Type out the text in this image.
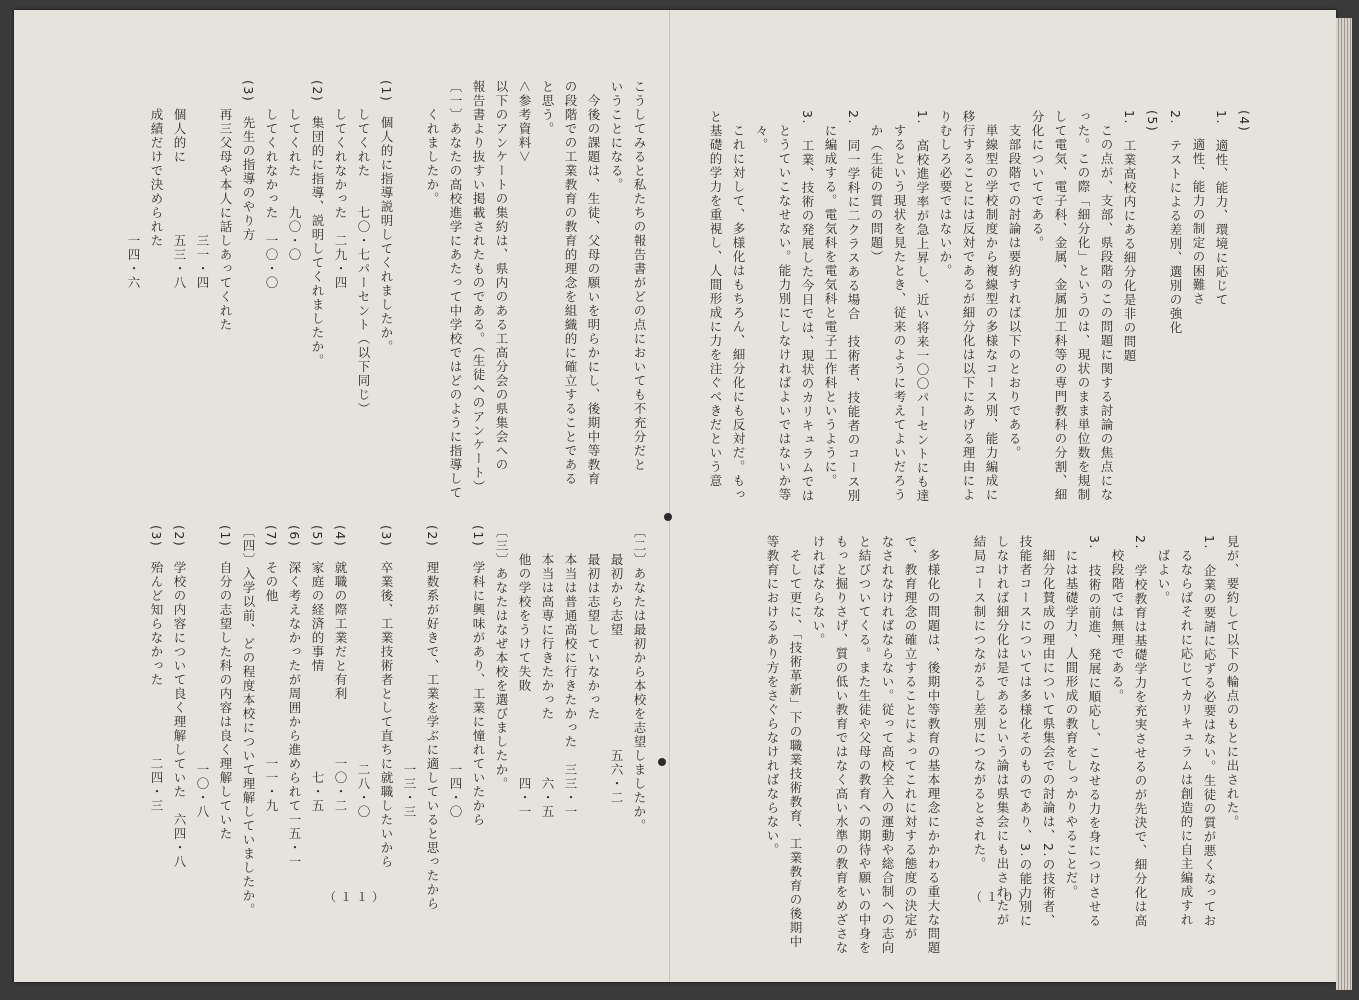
こうしてみると私たちの報告書がどの点においても不充分だと
いうことになる。
　今後の課題は、生徒、父母の願いを明らかにし、後期中等教育
の段階での工業教育の教育的理念を組織的に確立することである
と思う。
＜参考資料＞
以下のアンケートの集約は、県内のある工高分会の県集会への
報告書より抜すい掲載されたものである。（生徒へのアンケート）
〔一〕あなたの高校進学にあたって中学校ではどのように指導して
　　くれましたか。

(1)　個人的に指導説明してくれましたか。
　　してくれた　　七〇・七パーセント（以下同じ）
　　してくれなかった　二九・四
(2)　集団的に指導、説明してくれましたか。
　　してくれた　　九〇・〇
　　してくれなかった　一〇・〇
(3)　先生の指導のやり方
　　再三父母や本人に話しあってくれた
　　　　　　　　　　　三一・四
　　個人的に　　　　　五三・八
　　成績だけで決められた
　　　　　　　　　　　一四・六
〔二〕あなたは最初から本校を志望しましたか。
　　最初から志望　　　　　　　　五六・二
　　最初は志望していなかった
　　本当は普通高校に行きたかった　三三・一
　　本当は高専に行きたかった　　　　六・五
　　他の学校をうけて失敗　　　　　　四・一
〔三〕あなたはなぜ本校を選びましたか。
(1)　学科に興味があり、工業に憧れていたから
　　　　　　　　　　　　　　　　　一四・〇
(2)　理数系が好きで、工業を学ぶに適していると思ったから
　　　　　　　　　　　　　　　　　一三・三
(3)　卒業後、工業技術者として直ちに就職したいから
　　　　　　　　　　　　　　　　　二八・〇
(4)　就職の際工業だと有利　　　　一〇・二
(5)　家庭の経済的事情　　　　　　　七・五
(6)　深く考えなかったが周囲から進められて一五・一
(7)　その他　　　　　　　　　　　一一・九
〔四〕入学以前、どの程度本校について理解していましたか。
(1)　自分の志望した科の内容は良く理解していた
　　　　　　　　　　　　　　　　　一〇・八
(2)　学校の内容について良く理解していた　六四・八
(3)　殆んど知らなかった　　　　　二四・三
（１１）
(4)
1.　適性、能力、環境に応じて
　　適性、能力の制定の困難さ
2.　テストによる差別、選別の強化
(5)
1.　工業高校内にある細分化是非の問題
　この点が、支部、県段階のこの問題に関する討論の焦点にな
った。この際「細分化」というのは、現状のまま単位数を規制
して電気、電子科、金属、金属加工科等の専門教科の分割、細
分化についてである。
　支部段階での討論は要約すれば以下のとおりである。
　単線型の学校制度から複線型の多様なコース別、能力編成に
移行することには反対であるが細分化は以下にあげる理由によ
りむしろ必要ではないか。
1.　高校進学率が急上昇し、近い将来一〇〇パーセントにも達
　するという現状を見たとき、従来のように考えてよいだろう
　か（生徒の質の問題）
2.　同一学科に二クラスある場合　技術者、技能者のコース別
　に編成する。電気科を電気科と電子工作科というように。
3.　工業、技術の発展した今日では、現状のカリキュラムでは
　とうていこなせない。能力別にしなければよいではないか等
　々。
　これに対して、多様化はもちろん、細分化にも反対だ。もっ
と基礎的学力を重視し、人間形成に力を注ぐべきだという意
見が、要約して以下の輪点のもとに出された。
1.　企業の要請に応ずる必要はない。生徒の質が悪くなってお
　るならばそれに応じてカリキュラムは創造的に自主編成すれ
　ばよい。
2.　学校教育は基礎学力を充実させるのが先決で、細分化は高
　校段階では無理である。
3.　技術の前進、発展に順応し、こなせる力を身につけさせる
　には基礎学力、人間形成の教育をしっかりやることだ。
　細分化賛成の理由について県集会での討論は、2.の技術者、
技能者コースについては多様化そのものであり、3.の能力別に
しなければ細分化は是であるという論は県集会にも出されたが
結局コース制につながるし差別につながるとされた。

　多様化の問題は、後期中等教育の基本理念にかかわる重大な問題
で、教育理念の確立することによってこれに対する態度の決定が
なされなければならない。従って高校全入の運動や総合制への志向
と結びついてくる。また生徒や父母の教育への期待や願いの中身を
もっと掘りさげ、質の低い教育ではなく高い水準の教育をめざさな
ければならない。
　そして更に、「技術革新」下の職業技術教育、工業教育の後期中
等教育におけるあり方をさぐらなければならない。
（１０）
